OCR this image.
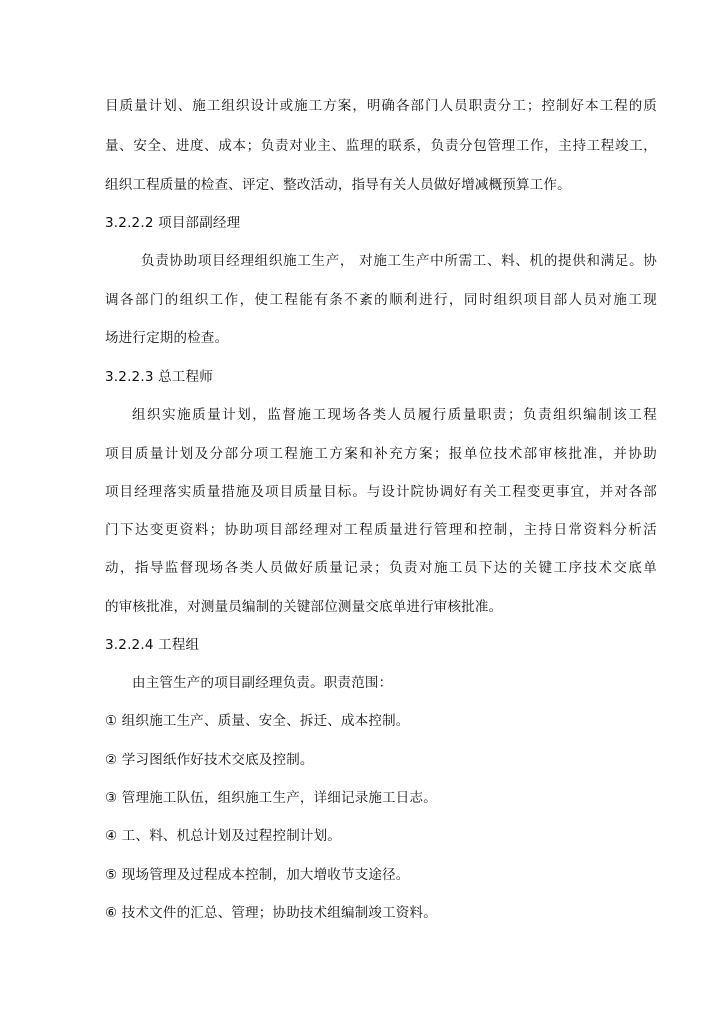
目质量计划、施工组织设计或施工方案，明确各部门人员职责分工；控制好本工程的质
量、安全、进度、成本；负责对业主、监理的联系，负责分包管理工作，主持工程竣工，
组织工程质量的检查、评定、整改活动，指导有关人员做好增减概预算工作。
3.2.2.2 项目部副经理
负责协助项目经理组织施工生产， 对施工生产中所需工、料、机的提供和满足。协
调各部门的组织工作，使工程能有条不紊的顺利进行，同时组织项目部人员对施工现
场进行定期的检查。
3.2.2.3 总工程师
组织实施质量计划，监督施工现场各类人员履行质量职责；负责组织编制该工程
项目质量计划及分部分项工程施工方案和补充方案；报单位技术部审核批准，并协助
项目经理落实质量措施及项目质量目标。与设计院协调好有关工程变更事宜，并对各部
门下达变更资料；协助项目部经理对工程质量进行管理和控制，主持日常资料分析活
动，指导监督现场各类人员做好质量记录；负责对施工员下达的关键工序技术交底单
的审核批准，对测量员编制的关键部位测量交底单进行审核批准。
3.2.2.4 工程组
由主管生产的项目副经理负责。职责范围：
① 组织施工生产、质量、安全、拆迁、成本控制。
② 学习图纸作好技术交底及控制。
③ 管理施工队伍，组织施工生产，详细记录施工日志。
④ 工、料、机总计划及过程控制计划。
⑤ 现场管理及过程成本控制，加大增收节支途径。
⑥ 技术文件的汇总、管理；协助技术组编制竣工资料。
